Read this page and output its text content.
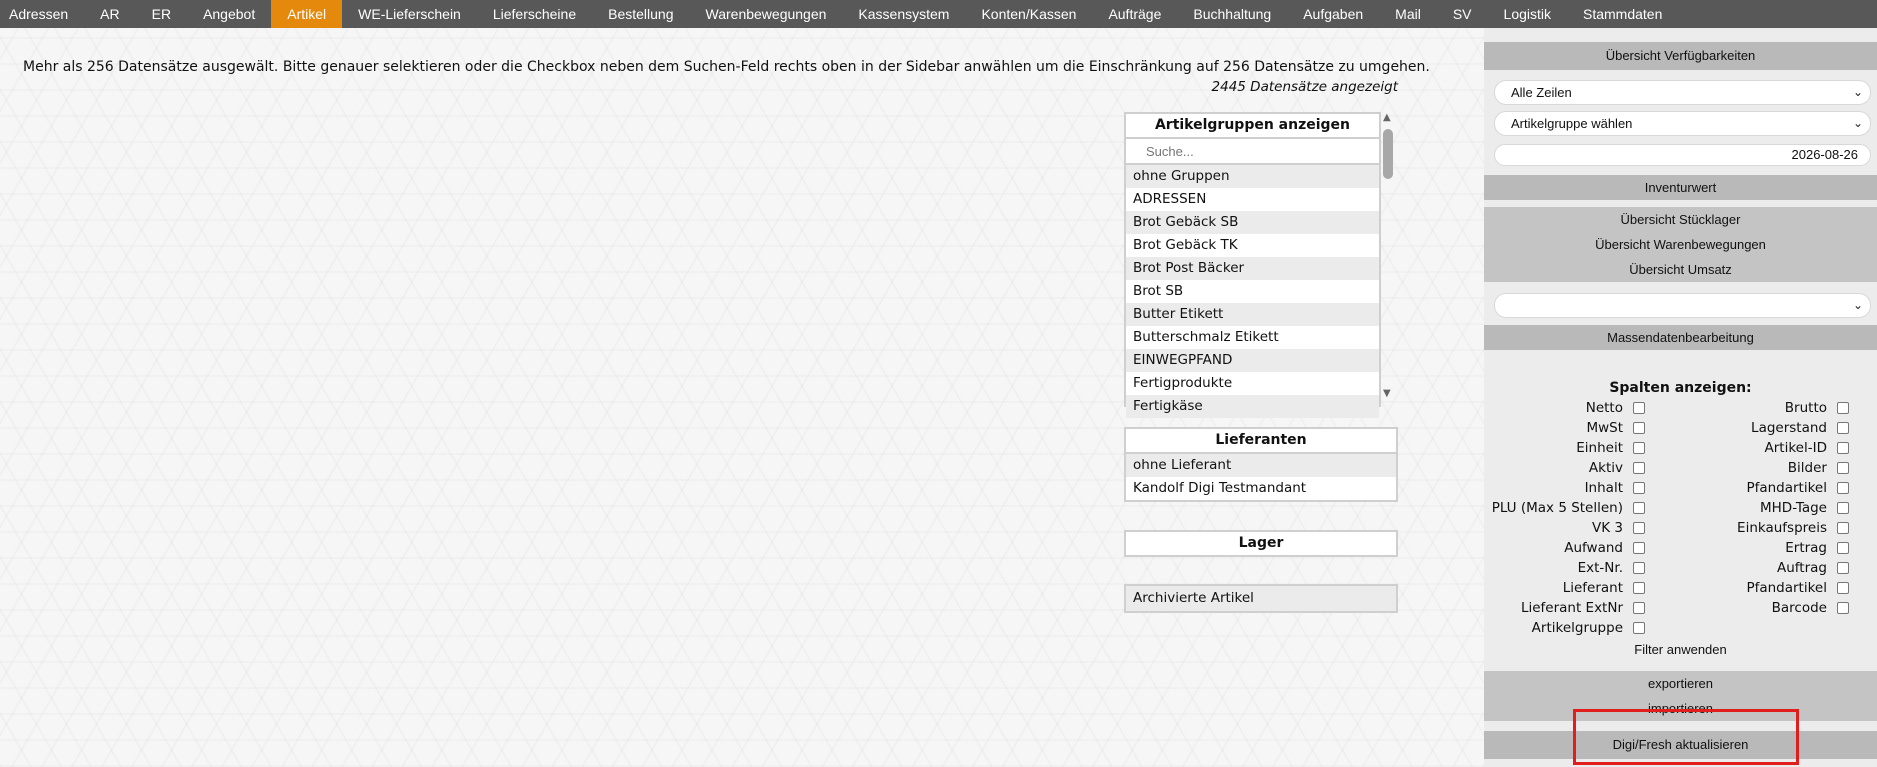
Adressen	AR	ER	Angebot	Artikel	WE-Lieferschein	Lieferscheine	Bestellung	Warenbewegungen	Kassensystem	Konten/Kassen	Aufträge	Buchhaltung	Aufgaben	Mail	SV	Logistik	Stammdaten
Mehr als 256 Datensätze ausgewält. Bitte genauer selektieren oder die Checkbox neben dem Suchen-Feld rechts oben in der Sidebar anwählen um die Einschränkung auf 256 Datensätze zu umgehen.
2445 Datensätze angezeigt
Artikelgruppen anzeigen
Suche...
ohne Gruppen
ADRESSEN
Brot Gebäck SB
Brot Gebäck TK
Brot Post Bäcker
Brot SB
Butter Etikett
Butterschmalz Etikett
EINWEGPFAND
Fertigprodukte
Fertigkäse
▲
▼
Lieferanten
ohne Lieferant
Kandolf Digi Testmandant
Lager
Archivierte Artikel
Übersicht Verfügbarkeiten
Alle Zeilen	⌄
Artikelgruppe wählen	⌄
2026-08-26
Inventurwert
Übersicht Stücklager
Übersicht Warenbewegungen
Übersicht Umsatz
⌄
Massendatenbearbeitung
Spalten anzeigen:
Netto
MwSt
Einheit
Aktiv
Inhalt
PLU (Max 5 Stellen)
VK 3
Aufwand
Ext-Nr.
Lieferant
Lieferant ExtNr
Artikelgruppe
Brutto
Lagerstand
Artikel-ID
Bilder
Pfandartikel
MHD-Tage
Einkaufspreis
Ertrag
Auftrag
Pfandartikel
Barcode
Filter anwenden
exportieren
importieren
Digi/Fresh aktualisieren
